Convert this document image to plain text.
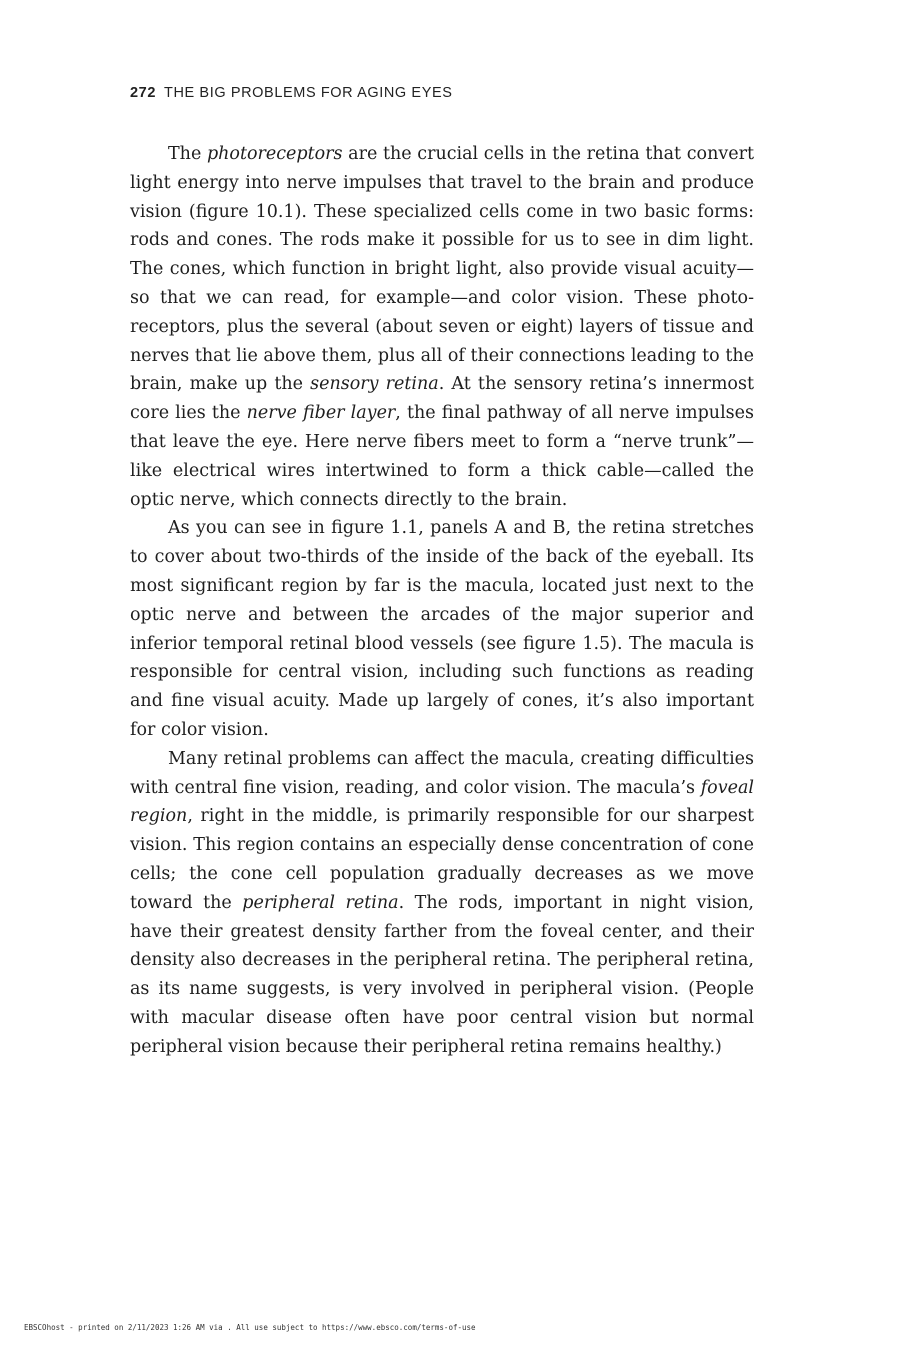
272 THE BIG PROBLEMS FOR AGING EYES

The photoreceptors are the crucial cells in the retina that convert light energy into nerve impulses that travel to the brain and produce vision (figure 10.1). These specialized cells come in two basic forms: rods and cones. The rods make it possible for us to see in dim light. The cones, which function in bright light, also provide visual acuity—so that we can read, for example—and color vision. These photoreceptors, plus the several (about seven or eight) layers of tissue and nerves that lie above them, plus all of their connections leading to the brain, make up the sensory retina. At the sensory retina’s innermost core lies the nerve fiber layer, the final pathway of all nerve impulses that leave the eye. Here nerve fibers meet to form a “nerve trunk”—like electrical wires intertwined to form a thick cable—called the optic nerve, which connects directly to the brain.

As you can see in figure 1.1, panels A and B, the retina stretches to cover about two-thirds of the inside of the back of the eyeball. Its most significant region by far is the macula, located just next to the optic nerve and between the arcades of the major superior and inferior temporal retinal blood vessels (see figure 1.5). The macula is responsible for central vision, including such functions as reading and fine visual acuity. Made up largely of cones, it’s also important for color vision.

Many retinal problems can affect the macula, creating difficulties with central fine vision, reading, and color vision. The macula’s foveal region, right in the middle, is primarily responsible for our sharpest vision. This region contains an especially dense concentration of cone cells; the cone cell population gradually decreases as we move toward the peripheral retina. The rods, important in night vision, have their greatest density farther from the foveal center, and their density also decreases in the peripheral retina. The peripheral retina, as its name suggests, is very involved in peripheral vision. (People with macular disease often have poor central vision but normal peripheral vision because their peripheral retina remains healthy.)

EBSCOhost - printed on 2/11/2023 1:26 AM via . All use subject to https://www.ebsco.com/terms-of-use
